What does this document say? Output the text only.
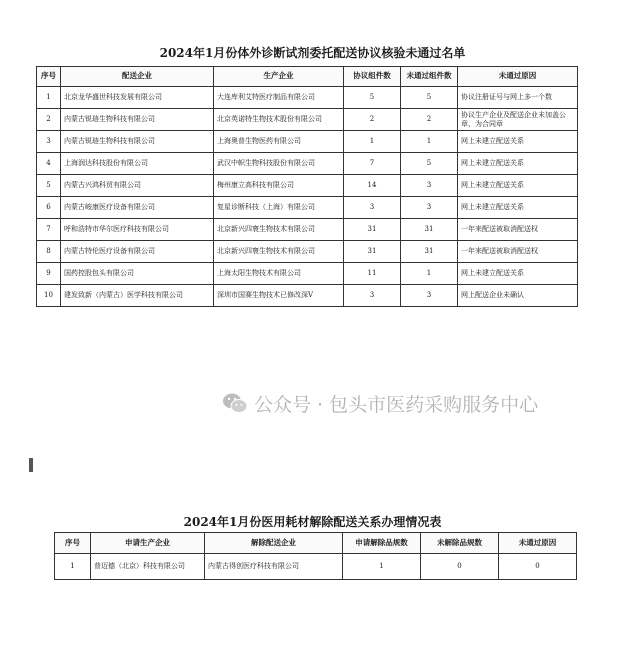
2024年1月份体外诊断试剂委托配送协议核验未通过名单
序号	配送企业	生产企业	协议组件数	未通过组件数	未通过原因
1	北京龙华盛世科技发展有限公司	大连库利艾特医疗制品有限公司	5	5	协议注册证号与网上多一个数
2	内蒙古锐琏生物科技有限公司	北京英诺特生物技术股份有限公司	2	2	协议生产企业及配送企业未加盖公章，为合同章
3	内蒙古锐琏生物科技有限公司	上海奥普生物医药有限公司	1	1	网上未建立配送关系
4	上海润达科技股份有限公司	武汉中帜生物科技股份有限公司	7	5	网上未建立配送关系
5	内蒙古兴鸿科贸有限公司	梅州康立高科技有限公司	14	3	网上未建立配送关系
6	内蒙古峻康医疗设备有限公司	复星诊断科技（上海）有限公司	3	3	网上未建立配送关系
7	呼和浩特市华尔医疗科技有限公司	北京新兴四寰生物技术有限公司	31	31	一年来配送被取消配送权
8	内蒙古特伦医疗设备有限公司	北京新兴四寰生物技术有限公司	31	31	一年来配送被取消配送权
9	国药控股包头有限公司	上海太阳生物技术有限公司	11	1	网上未建立配送关系
10	建发致新（内蒙古）医学科技有限公司	深圳市国赛生物技术已修改深V	3	3	网上配送企业未确认
公众号 · 包头市医药采购服务中心
2024年1月份医用耗材解除配送关系办理情况表
序号	申请生产企业	解除配送企业	申请解除品规数	未解除品规数	未通过原因
1	普迈德（北京）科技有限公司	内蒙古得创医疗科技有限公司	1	0	0
